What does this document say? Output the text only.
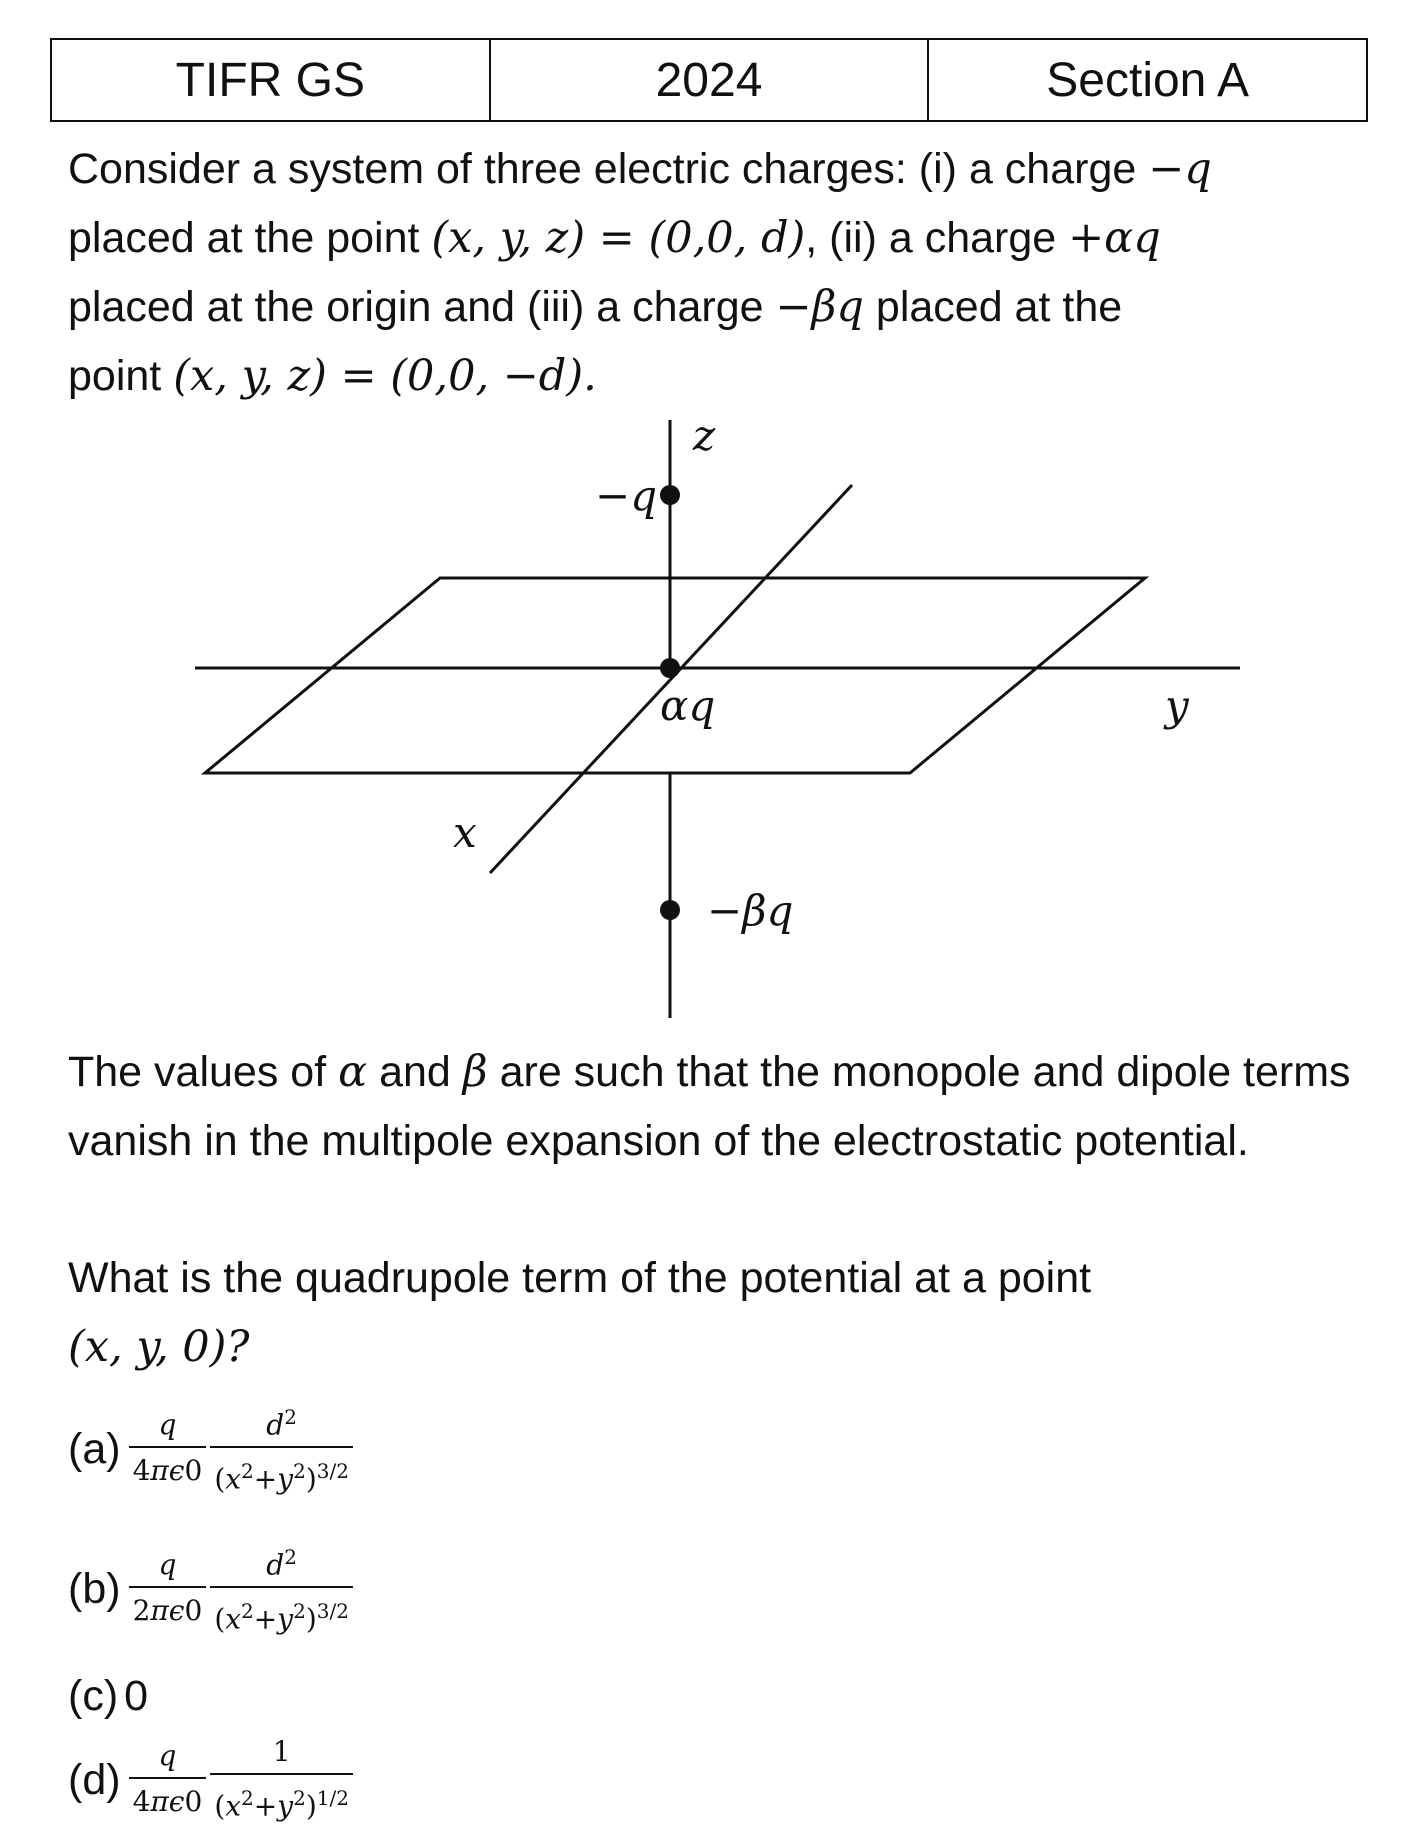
TIFR GS	2024	Section A
Consider a system of three electric charges: (i) a charge −q
placed at the point (x, y, z) = (0,0, d), (ii) a charge +αq
placed at the origin and (iii) a charge −βq placed at the
point (x, y, z) = (0,0, −d).
z
−q
αq	y
x
−βq
The values of α and β are such that the monopole and dipole terms vanish in the multipole expansion of the electrostatic potential.
What is the quadrupole term of the potential at a point
(x, y, 0)?
$(a) \frac{q}{4\pi\epsilon 0} \frac{d^2}{(x^2+y^2)^{3/2}}$
$(b) \frac{q}{2\pi\epsilon 0} \frac{d^2}{(x^2+y^2)^{3/2}}$
(c) 0
$(d) \frac{q}{4\pi\epsilon 0} \frac{1}{(x^2+y^2)^{1/2}}$
